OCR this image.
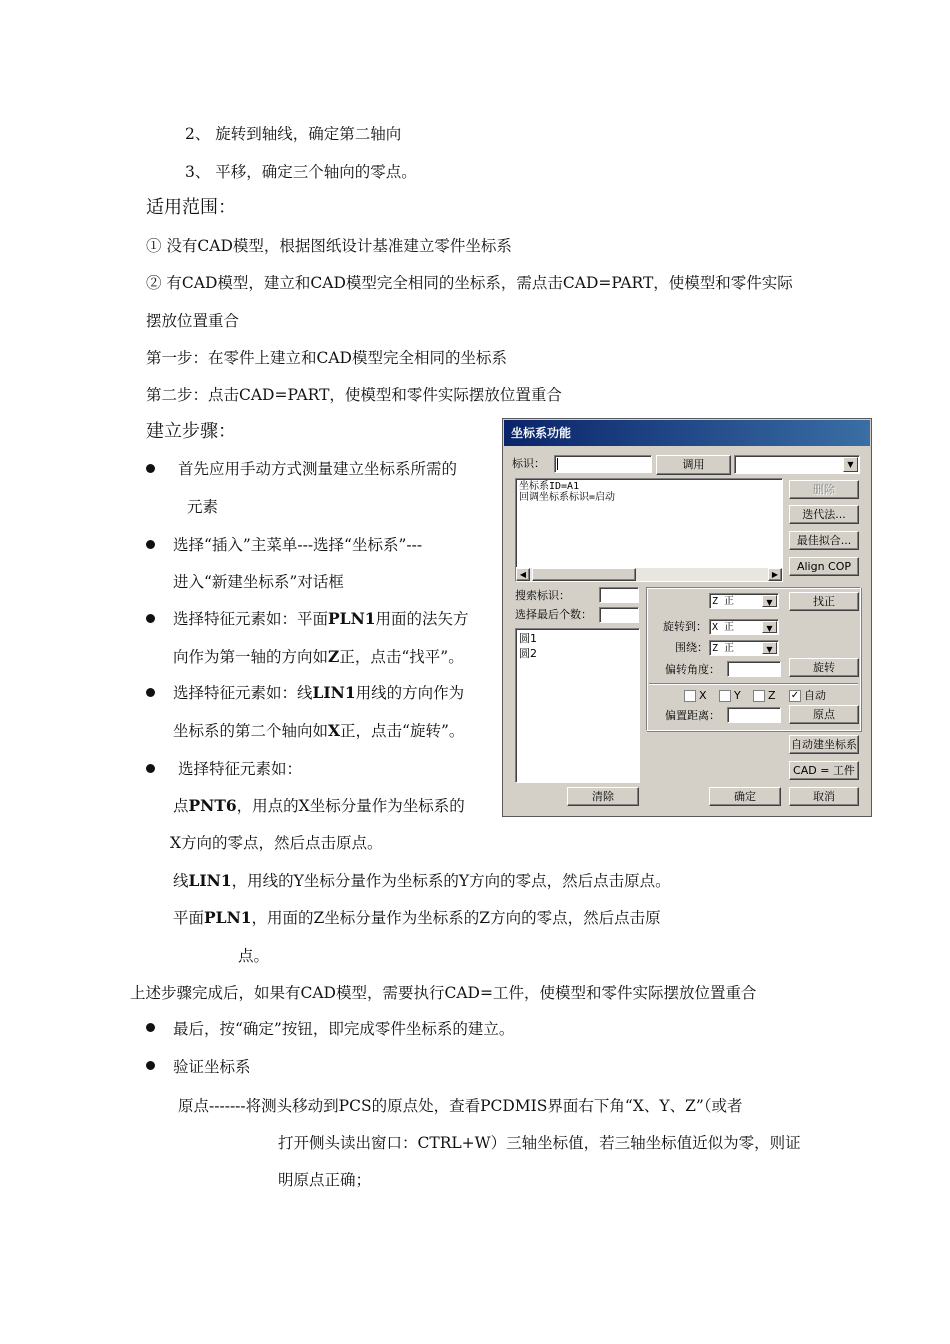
2、 旋转到轴线，确定第二轴向
3、 平移，确定三个轴向的零点。
适用范围：
① 没有CAD模型，根据图纸设计基准建立零件坐标系
② 有CAD模型，建立和CAD模型完全相同的坐标系，需点击CAD=PART，使模型和零件实际
摆放位置重合
第一步：在零件上建立和CAD模型完全相同的坐标系
第二步：点击CAD=PART，使模型和零件实际摆放位置重合
建立步骤：
首先应用手动方式测量建立坐标系所需的
元素
选择“插入”主菜单---选择“坐标系”---
进入“新建坐标系”对话框
选择特征元素如：平面PLN1用面的法矢方
向作为第一轴的方向如Z正，点击“找平”。
选择特征元素如：线LIN1用线的方向作为
坐标系的第二个轴向如X正，点击“旋转”。
选择特征元素如：
点PNT6，用点的X坐标分量作为坐标系的
X方向的零点，然后点击原点。
线LIN1，用线的Y坐标分量作为坐标系的Y方向的零点，然后点击原点。
平面PLN1，用面的Z坐标分量作为坐标系的Z方向的零点，然后点击原
点。
上述步骤完成后，如果有CAD模型，需要执行CAD=工件，使模型和零件实际摆放位置重合
最后，按“确定”按钮，即完成零件坐标系的建立。
验证坐标系
原点-------将测头移动到PCS的原点处，查看PCDMIS界面右下角“X、Y、Z”（或者
打开侧头读出窗口：CTRL+W）三轴坐标值，若三轴坐标值近似为零，则证
明原点正确；
坐标系功能
标识：	调用	▼
坐标系ID=A1
回调坐标系标识=启动
◀	▶
删除
迭代法...
最佳拟合...
Align COP
搜索标识：
选择最后个数：
圆1
圆2
Z 正	▼	找正
旋转到： X 正	▼
围绕： Z 正	▼
偏转角度：	旋转
X Y Z ✓ 自动
偏置距离：	原点
自动建坐标系
CAD = 工件
清除	确定	取消
